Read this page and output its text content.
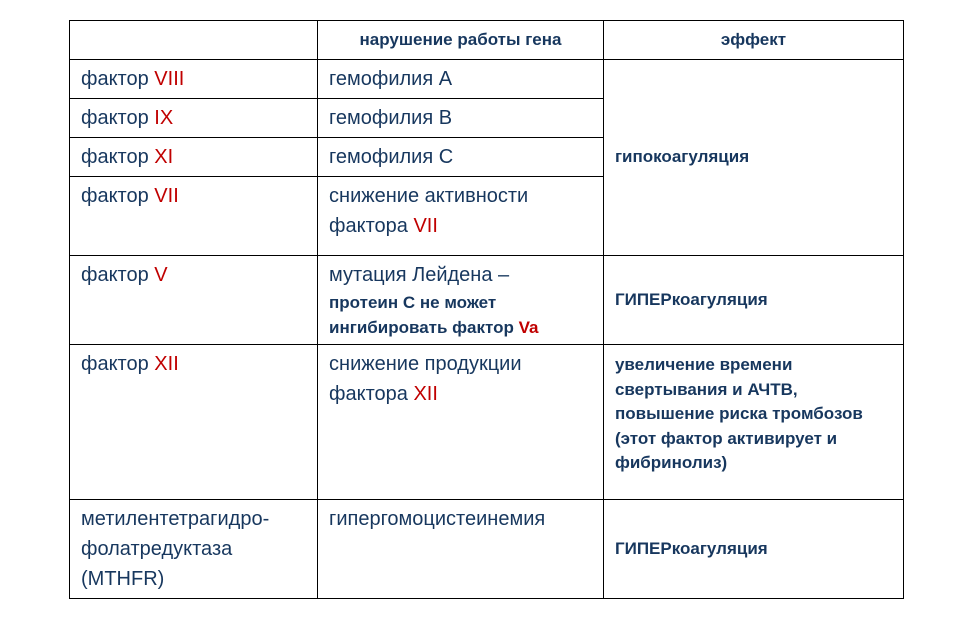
	нарушение работы гена	эффект
фактор VIII	гемофилия А	гипокоагуляция
фактор IX	гемофилия В	
фактор XI	гемофилия С	
фактор VII	снижение активности
фактора VII	

фактор V	мутация Лейдена –
протеин С не может
ингибировать фактор Va	ГИПЕРкоагуляция
фактор XII	снижение продукции
фактора XII	увеличение времени свертывания и АЧТВ, повышение риска тромбозов (этот фактор активирует и фибринолиз)

метилентетрагидро-
фолатредуктаза
(MTHFR)	гипергомоцистеинемия	ГИПЕРкоагуляция
